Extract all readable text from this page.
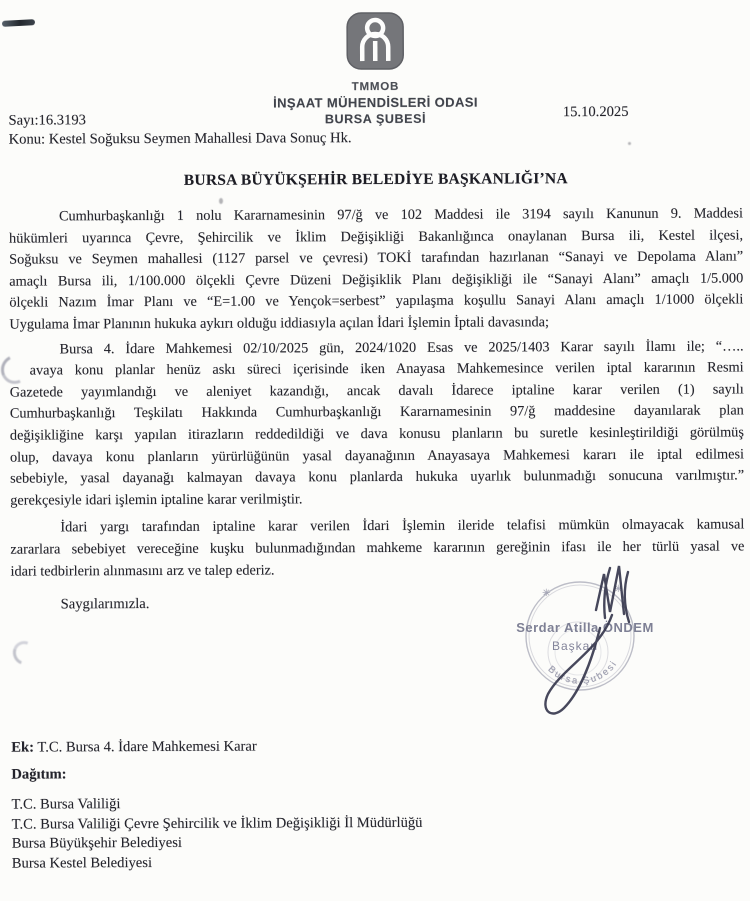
TMMOB
İNŞAAT MÜHENDİSLERİ ODASI
BURSA ŞUBESİ	15.10.2025
Sayı:16.3193
Konu: Kestel Soğuksu Seymen Mahallesi Dava Sonuç Hk.
BURSA BÜYÜKŞEHİR BELEDİYE BAŞKANLIĞI’NA
Cumhurbaşkanlığı 1 nolu Kararnamesinin 97/ğ ve 102 Maddesi ile 3194 sayılı Kanunun 9. Maddesi
hükümleri uyarınca Çevre, Şehircilik ve İklim Değişikliği Bakanlığınca onaylanan Bursa ili, Kestel ilçesi,
Soğuksu ve Seymen mahallesi (1127 parsel ve çevresi) TOKİ tarafından hazırlanan “Sanayi ve Depolama Alanı”
amaçlı Bursa ili, 1/100.000 ölçekli Çevre Düzeni Değişiklik Planı değişikliği ile “Sanayi Alanı” amaçlı 1/5.000
ölçekli Nazım İmar Planı ve “E=1.00 ve Yençok=serbest” yapılaşma koşullu Sanayi Alanı amaçlı 1/1000 ölçekli
Uygulama İmar Planının hukuka aykırı olduğu iddiasıyla açılan İdari İşlemin İptali davasında;
Bursa 4. İdare Mahkemesi 02/10/2025 gün, 2024/1020 Esas ve 2025/1403 Karar sayılı İlamı ile; “…..
avaya konu planlar henüz askı süreci içerisinde iken Anayasa Mahkemesince verilen iptal kararının Resmi
Gazetede yayımlandığı ve aleniyet kazandığı, ancak davalı İdarece iptaline karar verilen (1) sayılı
Cumhurbaşkanlığı Teşkilatı Hakkında Cumhurbaşkanlığı Kararnamesinin 97/ğ maddesine dayanılarak plan
değişikliğine karşı yapılan itirazların reddedildiği ve dava konusu planların bu suretle kesinleştirildiği görülmüş
olup, davaya konu planların yürürlüğünün yasal dayanağının Anayasaya Mahkemesi kararı ile iptal edilmesi
sebebiyle, yasal dayanağı kalmayan davaya konu planlarda hukuka uyarlık bulunmadığı sonucuna varılmıştır.”
gerekçesiyle idari işlemin iptaline karar verilmiştir.
İdari yargı tarafından iptaline karar verilen İdari İşlemin ileride telafisi mümkün olmayacak kamusal
zararlara sebebiyet vereceğine kuşku bulunmadığından mahkeme kararının gereğinin ifası ile her türlü yasal ve
idari tedbirlerin alınmasını arz ve talep ederiz.
Saygılarımızla.
Ek: T.C. Bursa 4. İdare Mahkemesi Karar
Dağıtım:
T.C. Bursa Valiliği
T.C. Bursa Valiliği Çevre Şehircilik ve İklim Değişikliği İl Müdürlüğü
Bursa Büyükşehir Belediyesi
Bursa Kestel Belediyesi
✳	✳
Bursa Şubesi
Serdar Atilla ÖNDEM
Başkan
